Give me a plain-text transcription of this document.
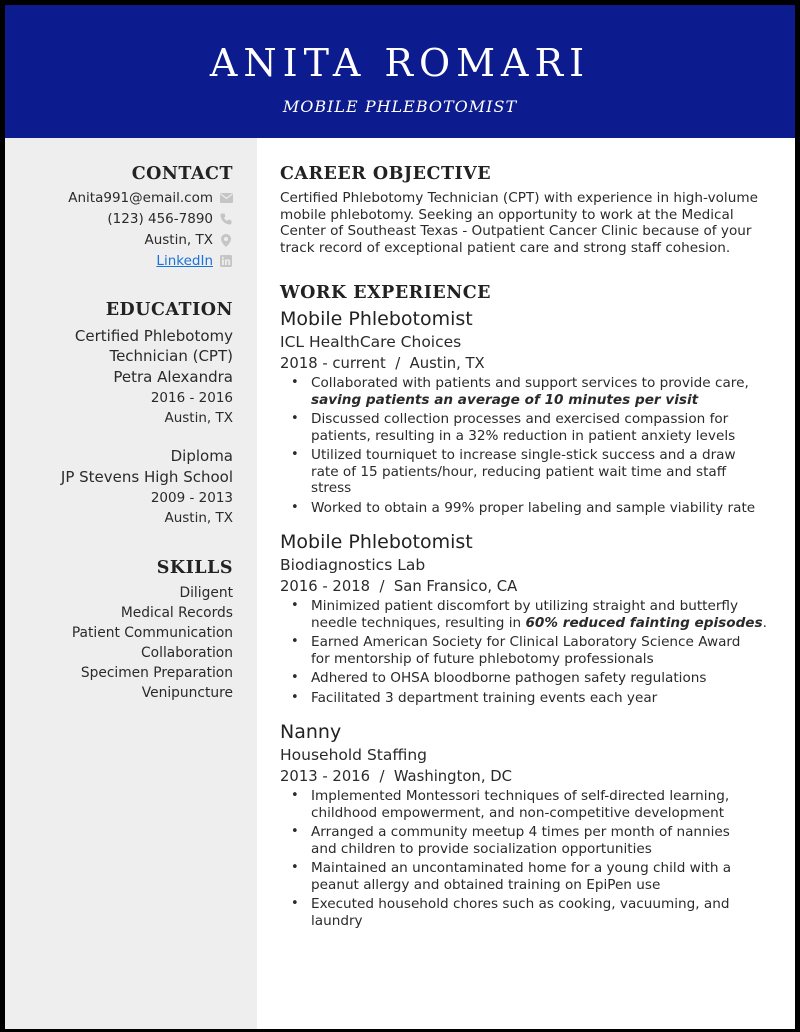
ANITA ROMARI
MOBILE PHLEBOTOMIST
CONTACT
Anita991@email.com
(123) 456-7890
Austin, TX
LinkedIn
EDUCATION
Certified Phlebotomy
Technician (CPT)
Petra Alexandra
2016 - 2016
Austin, TX
Diploma
JP Stevens High School
2009 - 2013
Austin, TX
SKILLS
Diligent
Medical Records
Patient Communication
Collaboration
Specimen Preparation
Venipuncture
CAREER OBJECTIVE
Certified Phlebotomy Technician (CPT) with experience in high-volume
mobile phlebotomy. Seeking an opportunity to work at the Medical
Center of Southeast Texas - Outpatient Cancer Clinic because of your
track record of exceptional patient care and strong staff cohesion.
WORK EXPERIENCE
Mobile Phlebotomist
ICL HealthCare Choices
2018 - current  /  Austin, TX
• Collaborated with patients and support services to provide care,
saving patients an average of 10 minutes per visit
• Discussed collection processes and exercised compassion for
patients, resulting in a 32% reduction in patient anxiety levels
• Utilized tourniquet to increase single-stick success and a draw
rate of 15 patients/hour, reducing patient wait time and staff
stress
• Worked to obtain a 99% proper labeling and sample viability rate
Mobile Phlebotomist
Biodiagnostics Lab
2016 - 2018  /  San Fransico, CA
• Minimized patient discomfort by utilizing straight and butterfly
needle techniques, resulting in 60% reduced fainting episodes.
• Earned American Society for Clinical Laboratory Science Award
for mentorship of future phlebotomy professionals
• Adhered to OHSA bloodborne pathogen safety regulations
• Facilitated 3 department training events each year
Nanny
Household Staffing
2013 - 2016  /  Washington, DC
• Implemented Montessori techniques of self-directed learning,
childhood empowerment, and non-competitive development
• Arranged a community meetup 4 times per month of nannies
and children to provide socialization opportunities
• Maintained an uncontaminated home for a young child with a
peanut allergy and obtained training on EpiPen use
• Executed household chores such as cooking, vacuuming, and
laundry
